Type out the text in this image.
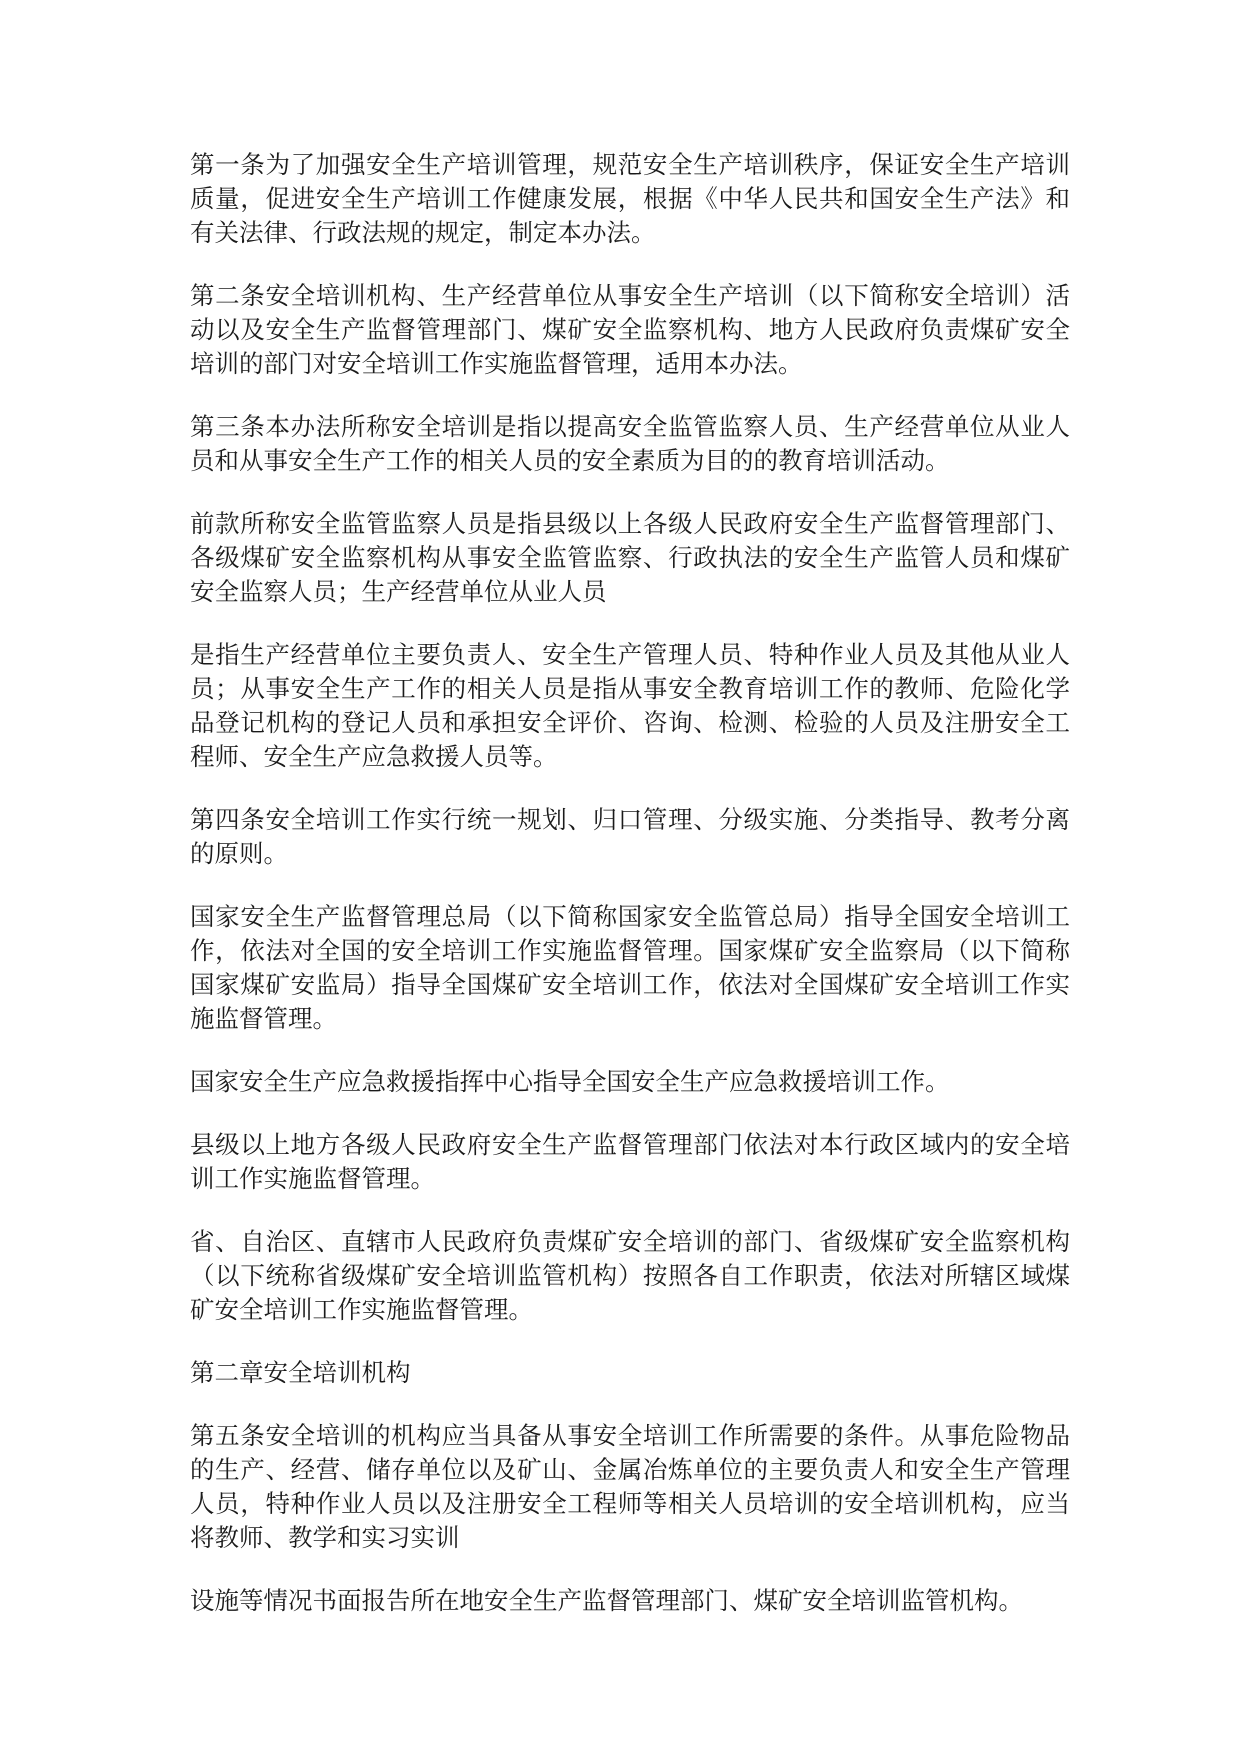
第一条为了加强安全生产培训管理，规范安全生产培训秩序，保证安全生产培训质量，促进安全生产培训工作健康发展，根据《中华人民共和国安全生产法》和有关法律、行政法规的规定，制定本办法。

第二条安全培训机构、生产经营单位从事安全生产培训（以下简称安全培训）活动以及安全生产监督管理部门、煤矿安全监察机构、地方人民政府负责煤矿安全培训的部门对安全培训工作实施监督管理，适用本办法。

第三条本办法所称安全培训是指以提高安全监管监察人员、生产经营单位从业人员和从事安全生产工作的相关人员的安全素质为目的的教育培训活动。

前款所称安全监管监察人员是指县级以上各级人民政府安全生产监督管理部门、各级煤矿安全监察机构从事安全监管监察、行政执法的安全生产监管人员和煤矿安全监察人员；生产经营单位从业人员

是指生产经营单位主要负责人、安全生产管理人员、特种作业人员及其他从业人员；从事安全生产工作的相关人员是指从事安全教育培训工作的教师、危险化学品登记机构的登记人员和承担安全评价、咨询、检测、检验的人员及注册安全工程师、安全生产应急救援人员等。

第四条安全培训工作实行统一规划、归口管理、分级实施、分类指导、教考分离的原则。

国家安全生产监督管理总局（以下简称国家安全监管总局）指导全国安全培训工作，依法对全国的安全培训工作实施监督管理。国家煤矿安全监察局（以下简称国家煤矿安监局）指导全国煤矿安全培训工作，依法对全国煤矿安全培训工作实施监督管理。

国家安全生产应急救援指挥中心指导全国安全生产应急救援培训工作。

县级以上地方各级人民政府安全生产监督管理部门依法对本行政区域内的安全培训工作实施监督管理。

省、自治区、直辖市人民政府负责煤矿安全培训的部门、省级煤矿安全监察机构（以下统称省级煤矿安全培训监管机构）按照各自工作职责，依法对所辖区域煤矿安全培训工作实施监督管理。

第二章安全培训机构

第五条安全培训的机构应当具备从事安全培训工作所需要的条件。从事危险物品的生产、经营、储存单位以及矿山、金属冶炼单位的主要负责人和安全生产管理人员，特种作业人员以及注册安全工程师等相关人员培训的安全培训机构，应当将教师、教学和实习实训

设施等情况书面报告所在地安全生产监督管理部门、煤矿安全培训监管机构。
